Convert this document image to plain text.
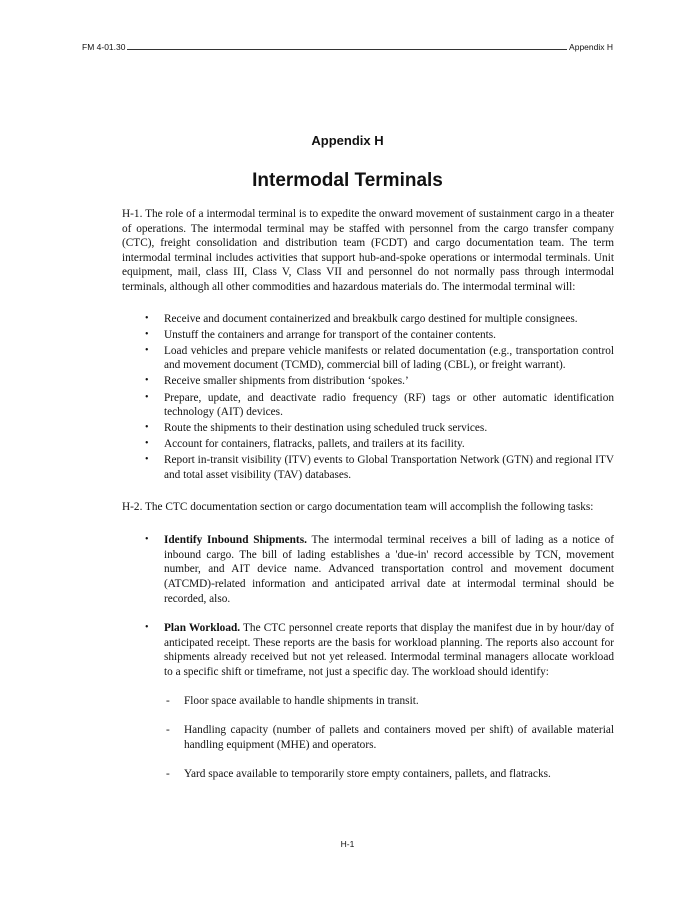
FM 4-01.30	Appendix H
Appendix H
Intermodal Terminals

H-1. The role of a intermodal terminal is to expedite the onward movement of sustainment cargo in a theater of operations. The intermodal terminal may be staffed with personnel from the cargo transfer company (CTC), freight consolidation and distribution team (FCDT) and cargo documentation team. The term intermodal terminal includes activities that support hub-and-spoke operations or intermodal terminals. Unit equipment, mail, class III, Class V, Class VII and personnel do not normally pass through intermodal terminals, although all other commodities and hazardous materials do. The intermodal terminal will:

• Receive and document containerized and breakbulk cargo destined for multiple consignees.
• Unstuff the containers and arrange for transport of the container contents.
• Load vehicles and prepare vehicle manifests or related documentation (e.g., transportation control and movement document (TCMD), commercial bill of lading (CBL), or freight warrant).
• Receive smaller shipments from distribution ‘spokes.’
• Prepare, update, and deactivate radio frequency (RF) tags or other automatic identification technology (AIT) devices.
• Route the shipments to their destination using scheduled truck services.
• Account for containers, flatracks, pallets, and trailers at its facility.
• Report in-transit visibility (ITV) events to Global Transportation Network (GTN) and regional ITV and total asset visibility (TAV) databases.

H-2. The CTC documentation section or cargo documentation team will accomplish the following tasks:

• Identify Inbound Shipments. The intermodal terminal receives a bill of lading as a notice of inbound cargo. The bill of lading establishes a 'due-in' record accessible by TCN, movement number, and AIT device name. Advanced transportation control and movement document (ATCMD)-related information and anticipated arrival date at intermodal terminal should be recorded, also.
• Plan Workload. The CTC personnel create reports that display the manifest due in by hour/day of anticipated receipt. These reports are the basis for workload planning. The reports also account for shipments already received but not yet released. Intermodal terminal managers allocate workload to a specific shift or timeframe, not just a specific day. The workload should identify:
- Floor space available to handle shipments in transit.
- Handling capacity (number of pallets and containers moved per shift) of available material handling equipment (MHE) and operators.
- Yard space available to temporarily store empty containers, pallets, and flatracks.
H-1
